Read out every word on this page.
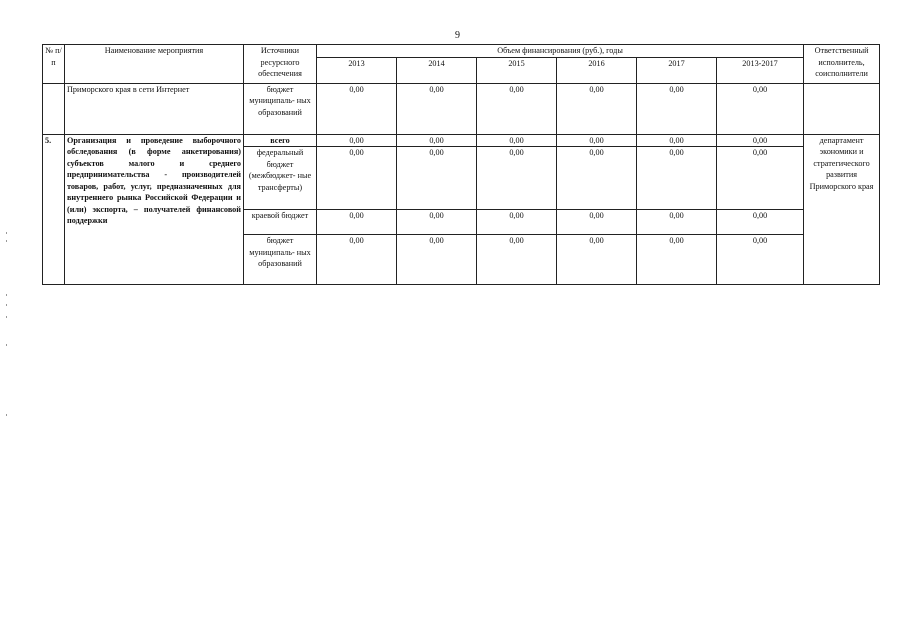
9
№ п/п	Наименование мероприятия	Источники ресурсного обеспечения	Объем финансирования (руб.), годы						Ответственный исполнитель, соисполнители
			2013	2014	2015	2016	2017	2013-2017	
	Приморского края в сети Интернет	бюджет муниципаль- ных образований	0,00	0,00	0,00	0,00	0,00	0,00	
5.	Организация и проведение выборочного обследования (в форме анкетирования) субъектов малого и среднего предпринимательства - производителей товаров, работ, услуг, предназначенных для внутреннего рынка Российской Федерации и (или) экспорта, – получателей финансовой поддержки	всего	0,00	0,00	0,00	0,00	0,00	0,00	департамент экономики и стратегического развития Приморского края
		федеральный бюджет (межбюджет- ные трансферты)	0,00	0,00	0,00	0,00	0,00	0,00	
		краевой бюджет	0,00	0,00	0,00	0,00	0,00	0,00	
		бюджет муниципаль- ных образований	0,00	0,00	0,00	0,00	0,00	0,00	
